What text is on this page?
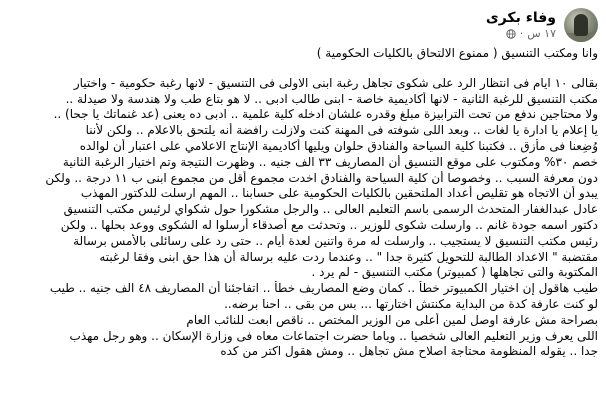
وفاء بكرى
١٧ س
·
وانا ومكتب التنسيق ( ممنوع الالتحاق بالكليات الحكومية )
بقالى ١٠ ايام فى انتظار الرد على شكوى تجاهل رغبة ابنى الاولى فى التنسيق - لانها رغبة حكومية - واختيار
مكتب التنسيق للرغبة الثانية - لانها أكاديمية خاصة - ابنى طالب ادبى .. لا هو بتاع طب ولا هندسة ولا صيدلة ..
ولا محتاجين ندفع من تحت الترابيزة مبلغ وقدره علشان ادخله كلية علمية .. ادبى ده يعنى (عد غنماتك يا جحا) ..
يا إعلام يا ادارة يا لغات .. وبعد اللى شوفته فى المهنة كنت ولازلت رافضة أنه يلتحق بالاعلام .. ولكن لأننا
وُضِعنا فى مأزق .. فكتبنا كلية السياحة والفنادق حلوان ويليها أكاديمية الإنتاج الاعلامي على اعتبار أن لوالده
خصم ٣٠% ومكتوب على موقع التنسيق أن المصاريف ٣٣ الف جنيه .. وظهرت النتيجة وتم اختيار الرغبة الثانية
دون معرفة السبب .. وخصوصا أن كلية السياحة والفنادق اخدت مجموع أقل من مجموع ابنى ب ١١ درجة .. ولكن
يبدو أن الاتجاه هو تقليص أعداد الملتحقين بالكليات الحكومية على حسابنا .. المهم ارسلت للدكتور المهذب
عادل عبدالغفار المتحدث الرسمى باسم التعليم العالى .. والرجل مشكورا حول شكواي لرئيس مكتب التنسيق
دكتور اسمه جودة غانم .. وارسلت شكوى للوزير .. وتحدثت مع أصدقاء أرسلوا له الشكوى ووعد بحلها .. ولكن
رئيس مكتب التنسيق لا يستجيب .. وارسلت له مرة واتنين لعدة أيام .. حتى رد على رسائلى بالأمس برسالة
مقتضبة " الاعداد الطالبة للتحويل كثيرة جدا " .. وعندما ردت عليه برسالة أن هذا حق ابنى وفقا لرغبته
المكتوبة والتى تجاهلها ( كمبيوتر) مكتب التنسيق - لم يرد .
طيب هاقول إن اختيار الكمبيوتر خطأ .. كمان وضع المصاريف خطأ .. اتفاجئنا أن المصاريف ٤٨ الف جنيه .. طيب
لو كنت عارفة كدة من البداية مكنتش اختارتها ... بس من بقى .. احنا برضه..
بصراحة مش عارفة اوصل لمين أعلى من الوزير المختص .. ناقص ابعت للنائب العام
اللى يعرف وزير التعليم العالى شخصيا .. وياما حضرت اجتماعات معاه فى وزارة الإسكان .. وهو رجل مهذب
جدا .. يقوله المنظومة محتاجة اصلاح مش تجاهل .. ومش هقول اكتر من كده
